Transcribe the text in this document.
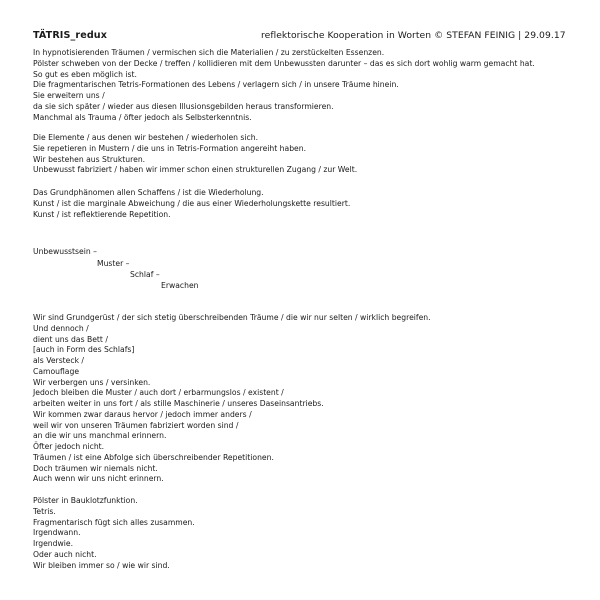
TÄTRIS_redux	reflektorische Kooperation in Worten © STEFAN FEINIG | 29.09.17
In hypnotisierenden Träumen / vermischen sich die Materialien / zu zerstückelten Essenzen.
Pölster schweben von der Decke / treffen / kollidieren mit dem Unbewussten darunter – das es sich dort wohlig warm gemacht hat.
So gut es eben möglich ist.
Die fragmentarischen Tetris-Formationen des Lebens / verlagern sich / in unsere Träume hinein.
Sie erweitern uns /
da sie sich später / wieder aus diesen Illusionsgebilden heraus transformieren.
Manchmal als Trauma / öfter jedoch als Selbsterkenntnis.
Die Elemente / aus denen wir bestehen / wiederholen sich.
Sie repetieren in Mustern / die uns in Tetris-Formation angereiht haben.
Wir bestehen aus Strukturen.
Unbewusst fabriziert / haben wir immer schon einen strukturellen Zugang / zur Welt.
Das Grundphänomen allen Schaffens / ist die Wiederholung.
Kunst / ist die marginale Abweichung / die aus einer Wiederholungskette resultiert.
Kunst / ist reflektierende Repetition.
Unbewusstsein –
Muster –
Schlaf –
Erwachen
Wir sind Grundgerüst / der sich stetig überschreibenden Träume / die wir nur selten / wirklich begreifen.
Und dennoch /
dient uns das Bett /
[auch in Form des Schlafs]
als Versteck /
Camouflage
Wir verbergen uns / versinken.
Jedoch bleiben die Muster / auch dort / erbarmungslos / existent /
arbeiten weiter in uns fort / als stille Maschinerie / unseres Daseinsantriebs.
Wir kommen zwar daraus hervor / jedoch immer anders /
weil wir von unseren Träumen fabriziert worden sind /
an die wir uns manchmal erinnern.
Öfter jedoch nicht.
Träumen / ist eine Abfolge sich überschreibender Repetitionen.
Doch träumen wir niemals nicht.
Auch wenn wir uns nicht erinnern.
Pölster in Bauklotzfunktion.
Tetris.
Fragmentarisch fügt sich alles zusammen.
Irgendwann.
Irgendwie.
Oder auch nicht.
Wir bleiben immer so / wie wir sind.
